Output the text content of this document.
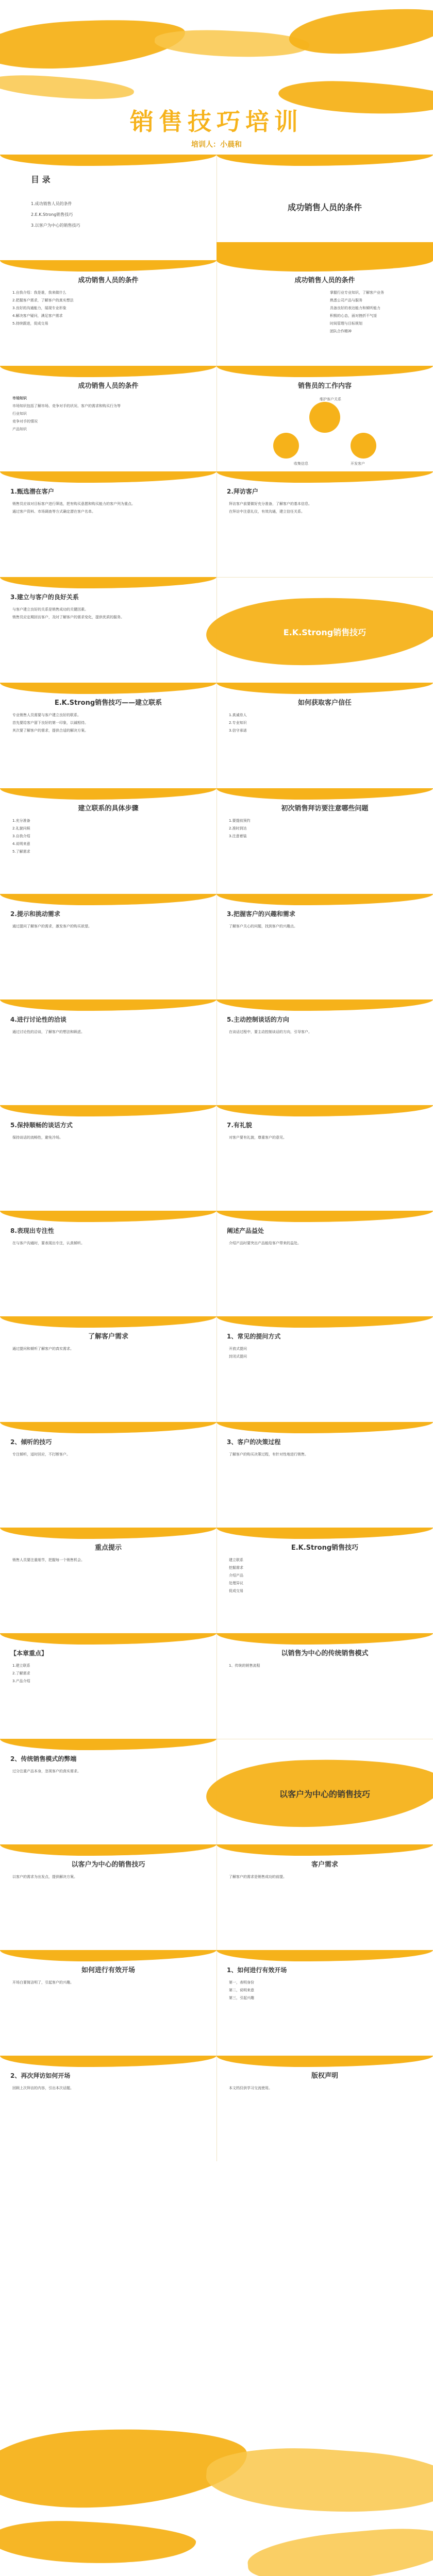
销售技巧培训
培训人：小晨和
目 录
1.成功销售人员的条件
2.E.K.Strong销售技巧
3.以客户为中心的销售技巧
成功销售人员的条件
成功销售人员的条件

1.自我介绍：我是谁，我来做什么

2.把握客户需求，了解客户的真实想法

3.良好的沟通能力，展现专业形象

4.解决客户疑问，满足客户需求

5.持续跟进，促成交易

成功销售人员的条件

掌握行业专业知识，了解客户业务

熟悉公司产品与服务

具备良好的表达能力和倾听能力

积极的心态，面对挫折不气馁

时间管理与目标规划

团队合作精神

成功销售人员的条件

市场知识

市场知识包括了解市场、竞争对手的状况、客户的需求和购买行为等

行业知识

竞争对手的情况

产品知识

销售员的工作内容
收集信息	开发客户
维护客户关系
1.甄选潜在客户

销售员应该对目标客户进行筛选，把有购买意愿和购买能力的客户列为重点。

通过客户资料、市场调查等方式确定潜在客户名单。

2.拜访客户

拜访客户前要做好充分准备，了解客户的基本信息。

在拜访中注意礼仪，有效沟通，建立信任关系。

3.建立与客户的良好关系

与客户建立良好的关系是销售成功的关键因素。

销售员应定期回访客户，及时了解客户的需求变化，提供优质的服务。

E.K.Strong销售技巧
E.K.Strong销售技巧——建立联系

专业销售人员需要与客户建立良好的联系。

首先要给客户留下良好的第一印象，以诚相待。

其次要了解客户的需求，提供合适的解决方案。

如何获取客户信任

1.真诚待人

2.专业知识

3.信守承诺

建立联系的具体步骤

1.充分准备

2.礼貌问候

3.自我介绍

4.说明来意

5.了解需求

初次销售拜访要注意哪些问题

1.要提前预约

2.准时到达

3.注意着装

2.提示和挑动需求

通过提问了解客户的需求，激发客户的购买欲望。

3.把握客户的兴趣和需求

了解客户关心的问题，找到客户的兴趣点。

4.进行讨论性的洽谈

通过讨论性的洽谈，了解客户的想法和顾虑。

5.主动控制谈话的方向

在谈话过程中，要主动控制谈话的方向，引导客户。

5.保持顺畅的谈话方式

保持谈话的流畅性，避免冷场。

7.有礼貌

对客户要有礼貌，尊重客户的意见。

8.表现出专注性

在与客户沟通时，要表现出专注，认真倾听。

阐述产品益处

介绍产品时要突出产品能给客户带来的益处。

了解客户需求

通过提问和倾听了解客户的真实需求。

1、常见的提问方式

开放式提问

封闭式提问

2、倾听的技巧

专注倾听，适时回应，不打断客户。

3、客户的决策过程

了解客户的购买决策过程，有针对性地进行销售。

重点提示

销售人员要注重细节，把握每一个销售机会。

E.K.Strong销售技巧

建立联系

挖掘需求

介绍产品

处理异议

促成交易

【本章重点】

1.建立联系

2.了解需求

3.产品介绍

以销售为中心的传统销售模式

1、传统的销售流程

2、传统销售模式的弊端

过分注重产品本身，忽视客户的真实需求。

以客户为中心的销售技巧
以客户为中心的销售技巧

以客户的需求为出发点，提供解决方案。

客户需求

了解客户的需求是销售成功的前提。

如何进行有效开场

开场白要简洁明了，引起客户的兴趣。

1、如何进行有效开场

第一，表明身份

第二，说明来意

第三，引起兴趣

2、再次拜访如何开场

回顾上次拜访的内容，引出本次话题。

版权声明

本文档仅供学习交流使用。
